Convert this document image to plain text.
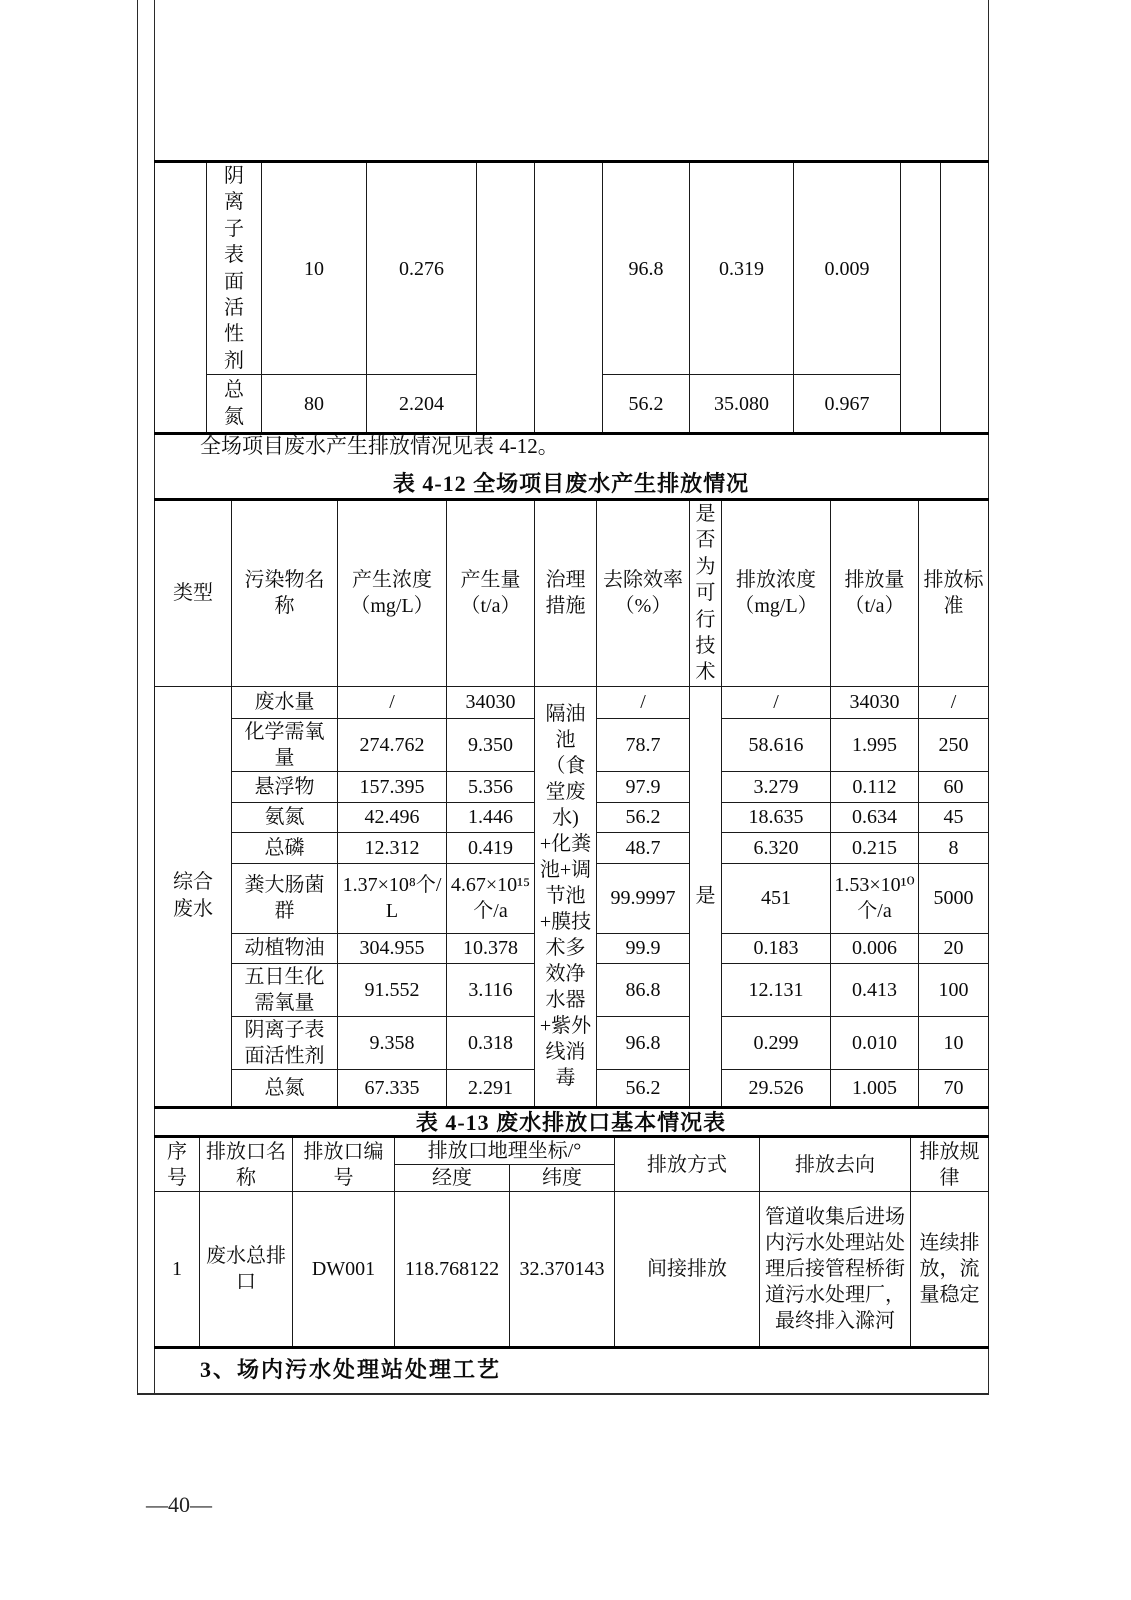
	阴离子表面活性剂	10	0.276			96.8	0.319	0.009		

	总氮	80	2.204			56.2	35.080	0.967		

全场项目废水产生排放情况见表 4-12。

表 4-12 全场项目废水产生排放情况
类型	污染物名称	产生浓度（mg/L）	产生量（t/a）	治理措施	去除效率（%）	是否为可行技术	排放浓度（mg/L）	排放量（t/a）	排放标准

综合废水	废水量	/	34030	隔油池（食堂废水)+化粪池+调节池+膜技术多效净水器+紫外线消毒	/	是	/	34030	/
	化学需氧量	274.762	9.350		78.7		58.616	1.995	250
	悬浮物	157.395	5.356		97.9		3.279	0.112	60
	氨氮	42.496	1.446		56.2		18.635	0.634	45
	总磷	12.312	0.419		48.7		6.320	0.215	8
	粪大肠菌群	1.37×10⁸个/L	4.67×10¹⁵个/a		99.9997		451	1.53×10¹⁰个/a	5000
	动植物油	304.955	10.378		99.9		0.183	0.006	20
	五日生化需氧量	91.552	3.116		86.8		12.131	0.413	100
	阴离子表面活性剂	9.358	0.318		96.8		0.299	0.010	10
	总氮	67.335	2.291		56.2		29.526	1.005	70
表 4-13 废水排放口基本情况表
序号	排放口名称	排放口编号	排放口地理坐标/°		排放方式	排放去向	排放规律
			经度	纬度			
1	废水总排口	DW001	118.768122	32.370143	间接排放	管道收集后进场内污水处理站处理后接管程桥街道污水处理厂，最终排入滁河	连续排放，流量稳定
3、场内污水处理站处理工艺
—40—
